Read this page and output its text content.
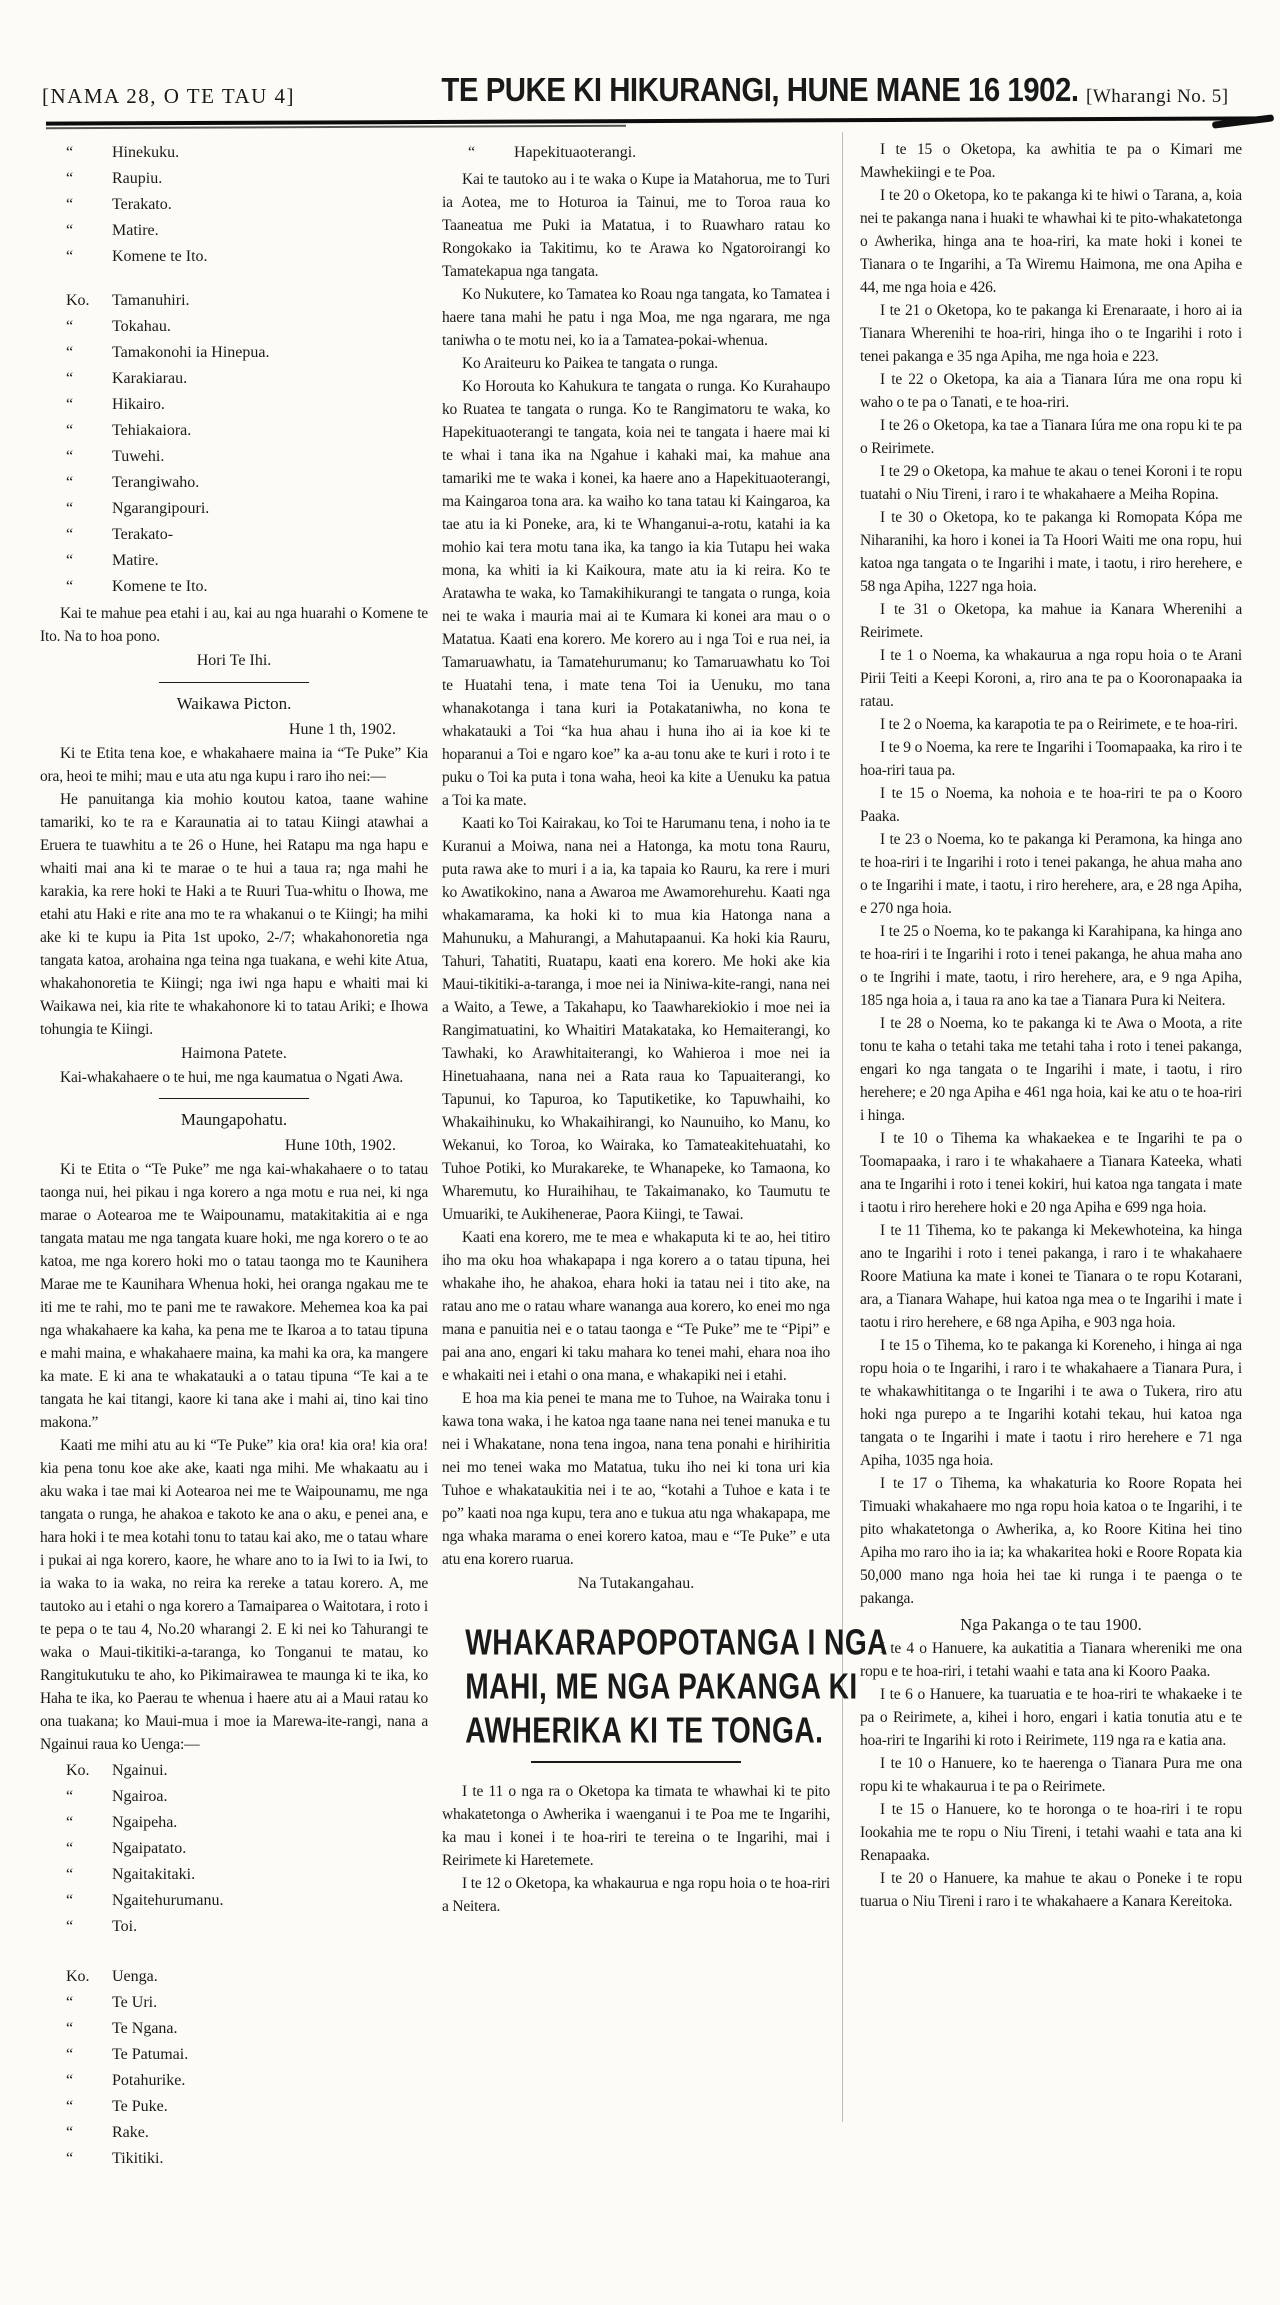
[NAMA 28, O TE TAU 4]	TE PUKE KI HIKURANGI, HUNE MANE 16 1902. [Wharangi No. 5]
“	Hinekuku.
“	Raupiu.
“	Terakato.
“	Matire.
“	Komene te Ito.
Ko.	Tamanuhiri.
“	Tokahau.
“	Tamakonohi ia Hinepua.
“	Karakiarau.
“	Hikairo.
“	Tehiakaiora.
“	Tuwehi.
“	Terangiwaho.
“	Ngarangipouri.
“	Terakato-
“	Matire.
“	Komene te Ito.

Kai te mahue pea etahi i au, kai au nga huarahi o Komene te Ito. Na to hoa pono.

Hori Te Ihi.
Waikawa Picton.
Hune 1 th, 1902.

Ki te Etita tena koe, e whakahaere maina ia “Te Puke” Kia ora, heoi te mihi; mau e uta atu nga kupu i raro iho nei:—

He panuitanga kia mohio koutou katoa, taane wahine tamariki, ko te ra e Karaunatia ai to tatau Kiingi atawhai a Eruera te tuawhitu a te 26 o Hune, hei Ratapu ma nga hapu e whaiti mai ana ki te marae o te hui a taua ra; nga mahi he karakia, ka rere hoki te Haki a te Ruuri Tua-whitu o Ihowa, me etahi atu Haki e rite ana mo te ra whakanui o te Kiingi; ha mihi ake ki te kupu ia Pita 1st upoko, 2-/7; whakahonoretia nga tangata katoa, arohaina nga teina nga tuakana, e wehi kite Atua, whakahonoretia te Kiingi; nga iwi nga hapu e whaiti mai ki Waikawa nei, kia rite te whakahonore ki to tatau Ariki; e Ihowa tohungia te Kiingi.

Haimona Patete.

Kai-whakahaere o te hui, me nga kaumatua o Ngati Awa.

Maungapohatu.
Hune 10th, 1902.

Ki te Etita o “Te Puke” me nga kai-whakahaere o to tatau taonga nui, hei pikau i nga korero a nga motu e rua nei, ki nga marae o Aotearoa me te Waipounamu, matakitakitia ai e nga tangata matau me nga tangata kuare hoki, me nga korero o te ao katoa, me nga korero hoki mo o tatau taonga mo te Kaunihera Marae me te Kaunihara Whenua hoki, hei oranga ngakau me te iti me te rahi, mo te pani me te rawakore. Mehemea koa ka pai nga whakahaere ka kaha, ka pena me te Ikaroa a to tatau tipuna e mahi maina, e whakahaere maina, ka mahi ka ora, ka mangere ka mate. E ki ana te whakatauki a o tatau tipuna “Te kai a te tangata he kai titangi, kaore ki tana ake i mahi ai, tino kai tino makona.”

Kaati me mihi atu au ki “Te Puke” kia ora! kia ora! kia ora! kia pena tonu koe ake ake, kaati nga mihi. Me whakaatu au i aku waka i tae mai ki Aotearoa nei me te Waipounamu, me nga tangata o runga, he ahakoa e takoto ke ana o aku, e penei ana, e hara hoki i te mea kotahi tonu to tatau kai ako, me o tatau whare i pukai ai nga korero, kaore, he whare ano to ia Iwi to ia Iwi, to ia waka to ia waka, no reira ka rereke a tatau korero. A, me tautoko au i etahi o nga korero a Tamaiparea o Waitotara, i roto i te pepa o te tau 4, No.20 wharangi 2. E ki nei ko Tahurangi te waka o Maui-tikitiki-a-taranga, ko Tonganui te matau, ko Rangitukutuku te aho, ko Pikimairawea te maunga ki te ika, ko Haha te ika, ko Paerau te whenua i haere atu ai a Maui ratau ko ona tuakana; ko Maui-mua i moe ia Marewa-ite-rangi, nana a Ngainui raua ko Uenga:—

Ko.	Ngainui.
“	Ngairoa.
“	Ngaipeha.
“	Ngaipatato.
“	Ngaitakitaki.
“	Ngaitehurumanu.
“	Toi.
Ko.	Uenga.
“	Te Uri.
“	Te Ngana.
“	Te Patumai.
“	Potahurike.
“	Te Puke.
“	Rake.
“	Tikitiki.
“	Hapekituaoterangi.

Kai te tautoko au i te waka o Kupe ia Matahorua, me to Turi ia Aotea, me to Hoturoa ia Tainui, me to Toroa raua ko Taaneatua me Puki ia Matatua, i to Ruawharo ratau ko Rongokako ia Takitimu, ko te Arawa ko Ngatoroirangi ko Tamatekapua nga tangata.

Ko Nukutere, ko Tamatea ko Roau nga tangata, ko Tamatea i haere tana mahi he patu i nga Moa, me nga ngarara, me nga taniwha o te motu nei, ko ia a Tamatea-pokai-whenua.

Ko Araiteuru ko Paikea te tangata o runga.

Ko Horouta ko Kahukura te tangata o runga. Ko Kurahaupo ko Ruatea te tangata o runga. Ko te Rangimatoru te waka, ko Hapekituaoterangi te tangata, koia nei te tangata i haere mai ki te whai i tana ika na Ngahue i kahaki mai, ka mahue ana tamariki me te waka i konei, ka haere ano a Hapekituaoterangi, ma Kaingaroa tona ara. ka waiho ko tana tatau ki Kaingaroa, ka tae atu ia ki Poneke, ara, ki te Whanganui-a-rotu, katahi ia ka mohio kai tera motu tana ika, ka tango ia kia Tutapu hei waka mona, ka whiti ia ki Kaikoura, mate atu ia ki reira. Ko te Aratawha te waka, ko Tamakihikurangi te tangata o runga, koia nei te waka i mauria mai ai te Kumara ki konei ara mau o o Matatua. Kaati ena korero. Me korero au i nga Toi e rua nei, ia Tamaruawhatu, ia Tamatehurumanu; ko Tamaruawhatu ko Toi te Huatahi tena, i mate tena Toi ia Uenuku, mo tana whanakotanga i tana kuri ia Potakataniwha, no kona te whakatauki a Toi “ka hua ahau i huna iho ai ia koe ki te hoparanui a Toi e ngaro koe” ka a-au tonu ake te kuri i roto i te puku o Toi ka puta i tona waha, heoi ka kite a Uenuku ka patua a Toi ka mate.

Kaati ko Toi Kairakau, ko Toi te Harumanu tena, i noho ia te Kuranui a Moiwa, nana nei a Hatonga, ka motu tona Rauru, puta rawa ake to muri i a ia, ka tapaia ko Rauru, ka rere i muri ko Awatikokino, nana a Awaroa me Awamorehurehu. Kaati nga whakamarama, ka hoki ki to mua kia Hatonga nana a Mahunuku, a Mahurangi, a Mahutapaanui. Ka hoki kia Rauru, Tahuri, Tahatiti, Ruatapu, kaati ena korero. Me hoki ake kia Maui-tikitiki-a-taranga, i moe nei ia Niniwa-kite-rangi, nana nei a Waito, a Tewe, a Takahapu, ko Taawharekiokio i moe nei ia Rangimatuatini, ko Whaitiri Matakataka, ko Hemaiterangi, ko Tawhaki, ko Arawhitaiterangi, ko Wahieroa i moe nei ia Hinetuahaana, nana nei a Rata raua ko Tapuaiterangi, ko Tapunui, ko Tapuroa, ko Taputiketike, ko Tapuwhaihi, ko Whakaihinuku, ko Whakaihirangi, ko Naunuiho, ko Manu, ko Wekanui, ko Toroa, ko Wairaka, ko Tamateakitehuatahi, ko Tuhoe Potiki, ko Murakareke, te Whanapeke, ko Tamaona, ko Wharemutu, ko Huraihihau, te Takaimanako, ko Taumutu te Umuariki, te Aukihenerae, Paora Kiingi, te Tawai.

Kaati ena korero, me te mea e whakaputa ki te ao, hei titiro iho ma oku hoa whakapapa i nga korero a o tatau tipuna, hei whakahe iho, he ahakoa, ehara hoki ia tatau nei i tito ake, na ratau ano me o ratau whare wananga aua korero, ko enei mo nga mana e panuitia nei e o tatau taonga e “Te Puke” me te “Pipi” e pai ana ano, engari ki taku mahara ko tenei mahi, ehara noa iho e whakaiti nei i etahi o ona mana, e whakapiki nei i etahi.

E hoa ma kia penei te mana me to Tuhoe, na Wairaka tonu i kawa tona waka, i he katoa nga taane nana nei tenei manuka e tu nei i Whakatane, nona tena ingoa, nana tena ponahi e hirihiritia nei mo tenei waka mo Matatua, tuku iho nei ki tona uri kia Tuhoe e whakataukitia nei i te ao, “kotahi a Tuhoe e kata i te po” kaati noa nga kupu, tera ano e tukua atu nga whakapapa, me nga whaka marama o enei korero katoa, mau e “Te Puke” e uta atu ena korero ruarua.

Na Tutakangahau.
WHAKARAPOPOTANGA I NGA
MAHI, ME NGA PAKANGA KI
AWHERIKA KI TE TONGA.

I te 11 o nga ra o Oketopa ka timata te whawhai ki te pito whakatetonga o Awherika i waenganui i te Poa me te Ingarihi, ka mau i konei i te hoa-riri te tereina o te Ingarihi, mai i Reirimete ki Haretemete.

I te 12 o Oketopa, ka whakaurua e nga ropu hoia o te hoa-riri a Neitera.

I te 15 o Oketopa, ka awhitia te pa o Kimari me Mawhekiingi e te Poa.

I te 20 o Oketopa, ko te pakanga ki te hiwi o Tarana, a, koia nei te pakanga nana i huaki te whawhai ki te pito-whakatetonga o Awherika, hinga ana te hoa-riri, ka mate hoki i konei te Tianara o te Ingarihi, a Ta Wiremu Haimona, me ona Apiha e 44, me nga hoia e 426.

I te 21 o Oketopa, ko te pakanga ki Erenaraate, i horo ai ia Tianara Wherenihi te hoa-riri, hinga iho o te Ingarihi i roto i tenei pakanga e 35 nga Apiha, me nga hoia e 223.

I te 22 o Oketopa, ka aia a Tianara Iúra me ona ropu ki waho o te pa o Tanati, e te hoa-riri.

I te 26 o Oketopa, ka tae a Tianara Iúra me ona ropu ki te pa o Reirimete.

I te 29 o Oketopa, ka mahue te akau o tenei Koroni i te ropu tuatahi o Niu Tireni, i raro i te whakahaere a Meiha Ropina.

I te 30 o Oketopa, ko te pakanga ki Romopata Kópa me Niharanihi, ka horo i konei ia Ta Hoori Waiti me ona ropu, hui katoa nga tangata o te Ingarihi i mate, i taotu, i riro herehere, e 58 nga Apiha, 1227 nga hoia.

I te 31 o Oketopa, ka mahue ia Kanara Wherenihi a Reirimete.

I te 1 o Noema, ka whakaurua a nga ropu hoia o te Arani Pirii Teiti a Keepi Koroni, a, riro ana te pa o Kooronapaaka ia ratau.

I te 2 o Noema, ka karapotia te pa o Reirimete, e te hoa-riri.

I te 9 o Noema, ka rere te Ingarihi i Toomapaaka, ka riro i te hoa-riri taua pa.

I te 15 o Noema, ka nohoia e te hoa-riri te pa o Kooro Paaka.

I te 23 o Noema, ko te pakanga ki Peramona, ka hinga ano te hoa-riri i te Ingarihi i roto i tenei pakanga, he ahua maha ano o te Ingarihi i mate, i taotu, i riro herehere, ara, e 28 nga Apiha, e 270 nga hoia.

I te 25 o Noema, ko te pakanga ki Karahipana, ka hinga ano te hoa-riri i te Ingarihi i roto i tenei pakanga, he ahua maha ano o te Ingrihi i mate, taotu, i riro herehere, ara, e 9 nga Apiha, 185 nga hoia a, i taua ra ano ka tae a Tianara Pura ki Neitera.

I te 28 o Noema, ko te pakanga ki te Awa o Moota, a rite tonu te kaha o tetahi taka me tetahi taha i roto i tenei pakanga, engari ko nga tangata o te Ingarihi i mate, i taotu, i riro herehere; e 20 nga Apiha e 461 nga hoia, kai ke atu o te hoa-riri i hinga.

I te 10 o Tihema ka whakaekea e te Ingarihi te pa o Toomapaaka, i raro i te whakahaere a Tianara Kateeka, whati ana te Ingarihi i roto i tenei kokiri, hui katoa nga tangata i mate i taotu i riro herehere hoki e 20 nga Apiha e 699 nga hoia.

I te 11 Tihema, ko te pakanga ki Mekewhoteina, ka hinga ano te Ingarihi i roto i tenei pakanga, i raro i te whakahaere Roore Matiuna ka mate i konei te Tianara o te ropu Kotarani, ara, a Tianara Wahape, hui katoa nga mea o te Ingarihi i mate i taotu i riro herehere, e 68 nga Apiha, e 903 nga hoia.

I te 15 o Tihema, ko te pakanga ki Koreneho, i hinga ai nga ropu hoia o te Ingarihi, i raro i te whakahaere a Tianara Pura, i te whakawhititanga o te Ingarihi i te awa o Tukera, riro atu hoki nga purepo a te Ingarihi kotahi tekau, hui katoa nga tangata o te Ingarihi i mate i taotu i riro herehere e 71 nga Apiha, 1035 nga hoia.

I te 17 o Tihema, ka whakaturia ko Roore Ropata hei Timuaki whakahaere mo nga ropu hoia katoa o te Ingarihi, i te pito whakatetonga o Awherika, a, ko Roore Kitina hei tino Apiha mo raro iho ia ia; ka whakaritea hoki e Roore Ropata kia 50,000 mano nga hoia hei tae ki runga i te paenga o te pakanga.

Nga Pakanga o te tau 1900.

I te 4 o Hanuere, ka aukatitia a Tianara whereniki me ona ropu e te hoa-riri, i tetahi waahi e tata ana ki Kooro Paaka.

I te 6 o Hanuere, ka tuaruatia e te hoa-riri te whakaeke i te pa o Reirimete, a, kihei i horo, engari i katia tonutia atu e te hoa-riri te Ingarihi ki roto i Reirimete, 119 nga ra e katia ana.

I te 10 o Hanuere, ko te haerenga o Tianara Pura me ona ropu ki te whakaurua i te pa o Reirimete.

I te 15 o Hanuere, ko te horonga o te hoa-riri i te ropu Iookahia me te ropu o Niu Tireni, i tetahi waahi e tata ana ki Renapaaka.

I te 20 o Hanuere, ka mahue te akau o Poneke i te ropu tuarua o Niu Tireni i raro i te whakahaere a Kanara Kereitoka.
